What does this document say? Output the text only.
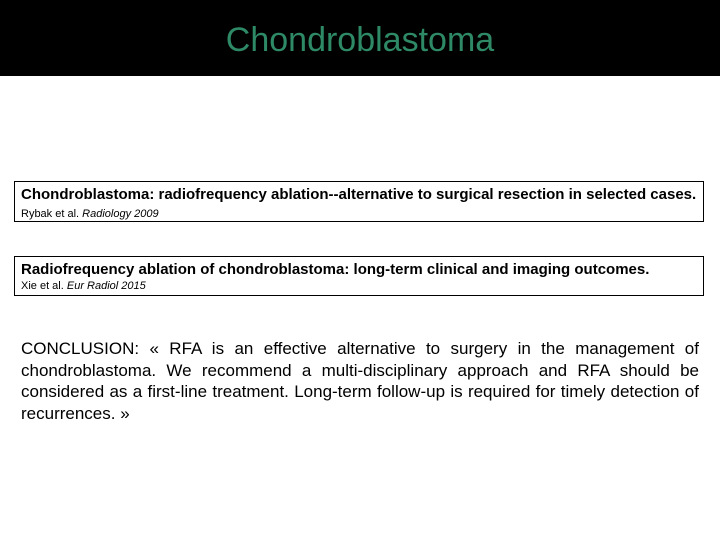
Chondroblastoma
Chondroblastoma: radiofrequency ablation--alternative to surgical resection in selected cases. Rybak et al. Radiology 2009
Radiofrequency ablation of chondroblastoma: long-term clinical and imaging outcomes.
Xie et al. Eur Radiol 2015
CONCLUSION: « RFA is an effective alternative to surgery in the management of chondroblastoma. We recommend a multi-disciplinary approach and RFA should be considered as a first-line treatment. Long-term follow-up is required for timely detection of recurrences. »
